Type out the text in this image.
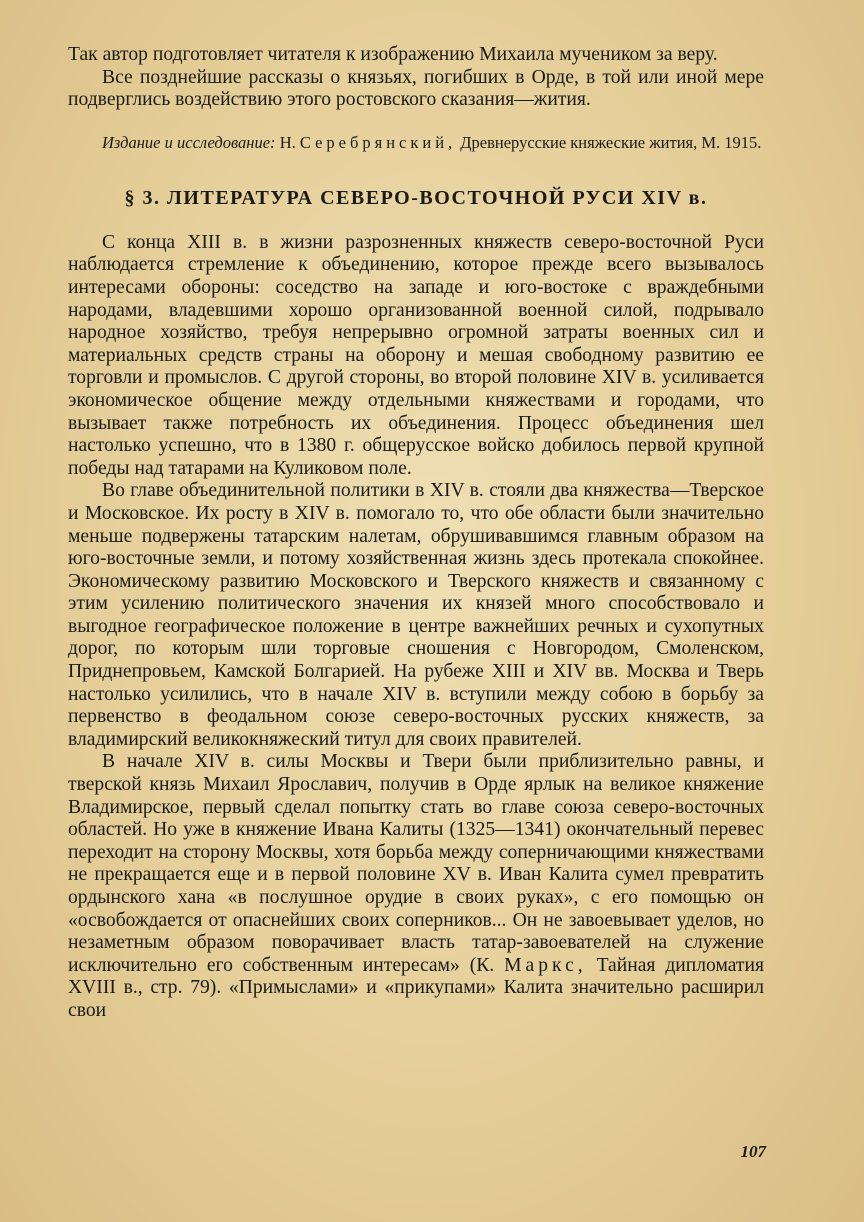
Так автор подготовляет читателя к изображению Михаила мучеником за веру.

Все позднейшие рассказы о князьях, погибших в Орде, в той или иной мере подверглись воздействию этого ростовского сказания—жития.

Издание и исследование: Н. Серебрянский, Древнерусские княжеские жития, М. 1915.

§ 3. ЛИТЕРАТУРА СЕВЕРО-ВОСТОЧНОЙ РУСИ XIV в.

С конца XIII в. в жизни разрозненных княжеств северо-восточной Руси наблюдается стремление к объединению, которое прежде всего вызывалось интересами обороны: соседство на западе и юго-востоке с враждебными народами, владевшими хорошо организованной военной силой, подрывало народное хозяйство, требуя непрерывно огромной затраты военных сил и материальных средств страны на оборону и мешая свободному развитию ее торговли и промыслов. С другой стороны, во второй половине XIV в. усиливается экономическое общение между отдельными княжествами и городами, что вызывает также потребность их объединения. Процесс объединения шел настолько успешно, что в 1380 г. общерусское войско добилось первой крупной победы над татарами на Куликовом поле.

Во главе объединительной политики в XIV в. стояли два княжества—Тверское и Московское. Их росту в XIV в. помогало то, что обе области были значительно меньше подвержены татарским налетам, обрушивавшимся главным образом на юго-восточные земли, и потому хозяйственная жизнь здесь протекала спокойнее. Экономическому развитию Московского и Тверского княжеств и связанному с этим усилению политического значения их князей много способствовало и выгодное географическое положение в центре важнейших речных и сухопутных дорог, по которым шли торговые сношения с Новгородом, Смоленском, Приднепровьем, Камской Болгарией. На рубеже XIII и XIV вв. Москва и Тверь настолько усилились, что в начале XIV в. вступили между собою в борьбу за первенство в феодальном союзе северо-восточных русских княжеств, за владимирский великокняжеский титул для своих правителей.

В начале XIV в. силы Москвы и Твери были приблизительно равны, и тверской князь Михаил Ярославич, получив в Орде ярлык на великое княжение Владимирское, первый сделал попытку стать во главе союза северо-восточных областей. Но уже в княжение Ивана Калиты (1325—1341) окончательный перевес переходит на сторону Москвы, хотя борьба между соперничающими княжествами не прекращается еще и в первой половине XV в. Иван Калита сумел превратить ордынского хана «в послушное орудие в своих руках», с его помощью он «освобождается от опаснейших своих соперников... Он не завоевывает уделов, но незаметным образом поворачивает власть татар-завоевателей на служение исключительно его собственным интересам» (К. Маркс, Тайная дипломатия XVIII в., стр. 79). «Примыслами» и «прикупами» Калита значительно расширил свои

107
